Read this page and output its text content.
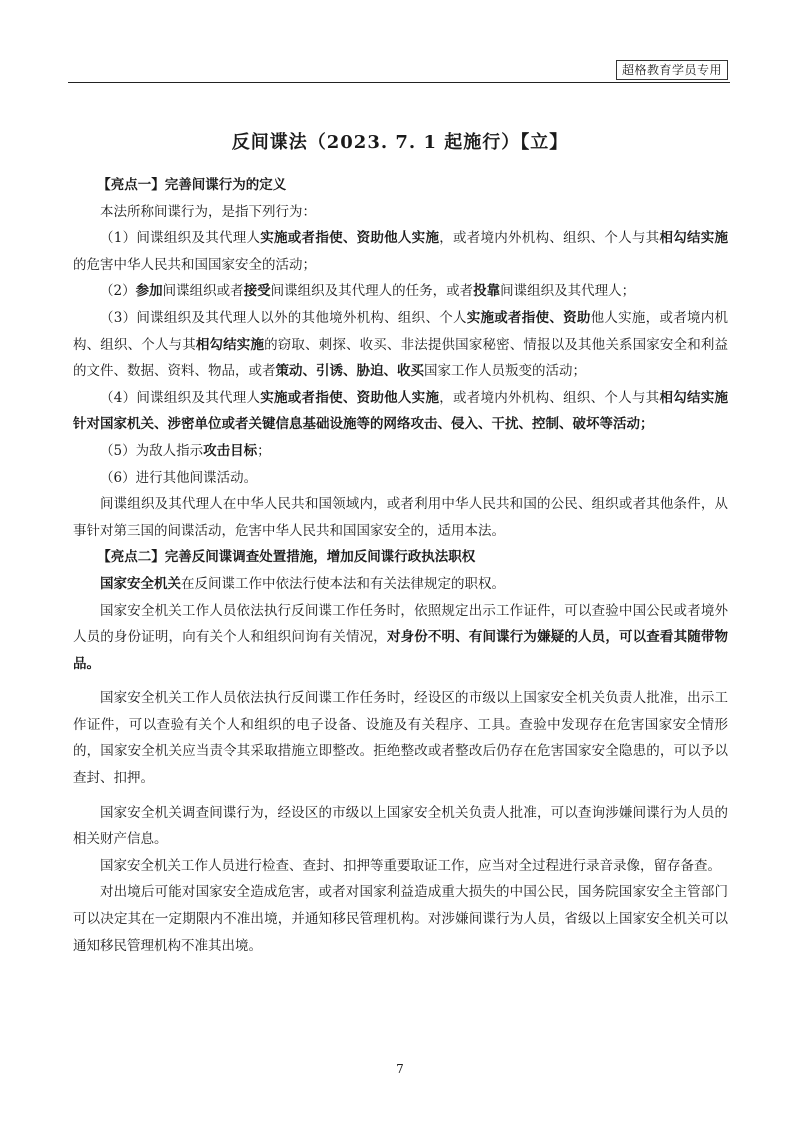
超格教育学员专用
反间谍法（2023. 7. 1 起施行）【立】

【亮点一】完善间谍行为的定义

本法所称间谍行为，是指下列行为：

（1）间谍组织及其代理人实施或者指使、资助他人实施，或者境内外机构、组织、个人与其相勾结实施的危害中华人民共和国国家安全的活动；

（2）参加间谍组织或者接受间谍组织及其代理人的任务，或者投靠间谍组织及其代理人；

（3）间谍组织及其代理人以外的其他境外机构、组织、个人实施或者指使、资助他人实施，或者境内机构、组织、个人与其相勾结实施的窃取、刺探、收买、非法提供国家秘密、情报以及其他关系国家安全和利益的文件、数据、资料、物品，或者策动、引诱、胁迫、收买国家工作人员叛变的活动；

（4）间谍组织及其代理人实施或者指使、资助他人实施，或者境内外机构、组织、个人与其相勾结实施针对国家机关、涉密单位或者关键信息基础设施等的网络攻击、侵入、干扰、控制、破坏等活动；

（5）为敌人指示攻击目标；

（6）进行其他间谍活动。

间谍组织及其代理人在中华人民共和国领域内，或者利用中华人民共和国的公民、组织或者其他条件，从事针对第三国的间谍活动，危害中华人民共和国国家安全的，适用本法。

【亮点二】完善反间谍调查处置措施，增加反间谍行政执法职权

国家安全机关在反间谍工作中依法行使本法和有关法律规定的职权。

国家安全机关工作人员依法执行反间谍工作任务时，依照规定出示工作证件，可以查验中国公民或者境外人员的身份证明，向有关个人和组织问询有关情况，对身份不明、有间谍行为嫌疑的人员，可以查看其随带物品。

国家安全机关工作人员依法执行反间谍工作任务时，经设区的市级以上国家安全机关负责人批准，出示工作证件，可以查验有关个人和组织的电子设备、设施及有关程序、工具。查验中发现存在危害国家安全情形的，国家安全机关应当责令其采取措施立即整改。拒绝整改或者整改后仍存在危害国家安全隐患的，可以予以查封、扣押。

国家安全机关调查间谍行为，经设区的市级以上国家安全机关负责人批准，可以查询涉嫌间谍行为人员的相关财产信息。

国家安全机关工作人员进行检查、查封、扣押等重要取证工作，应当对全过程进行录音录像，留存备查。

对出境后可能对国家安全造成危害，或者对国家利益造成重大损失的中国公民，国务院国家安全主管部门可以决定其在一定期限内不准出境，并通知移民管理机构。对涉嫌间谍行为人员，省级以上国家安全机关可以通知移民管理机构不准其出境。

7
